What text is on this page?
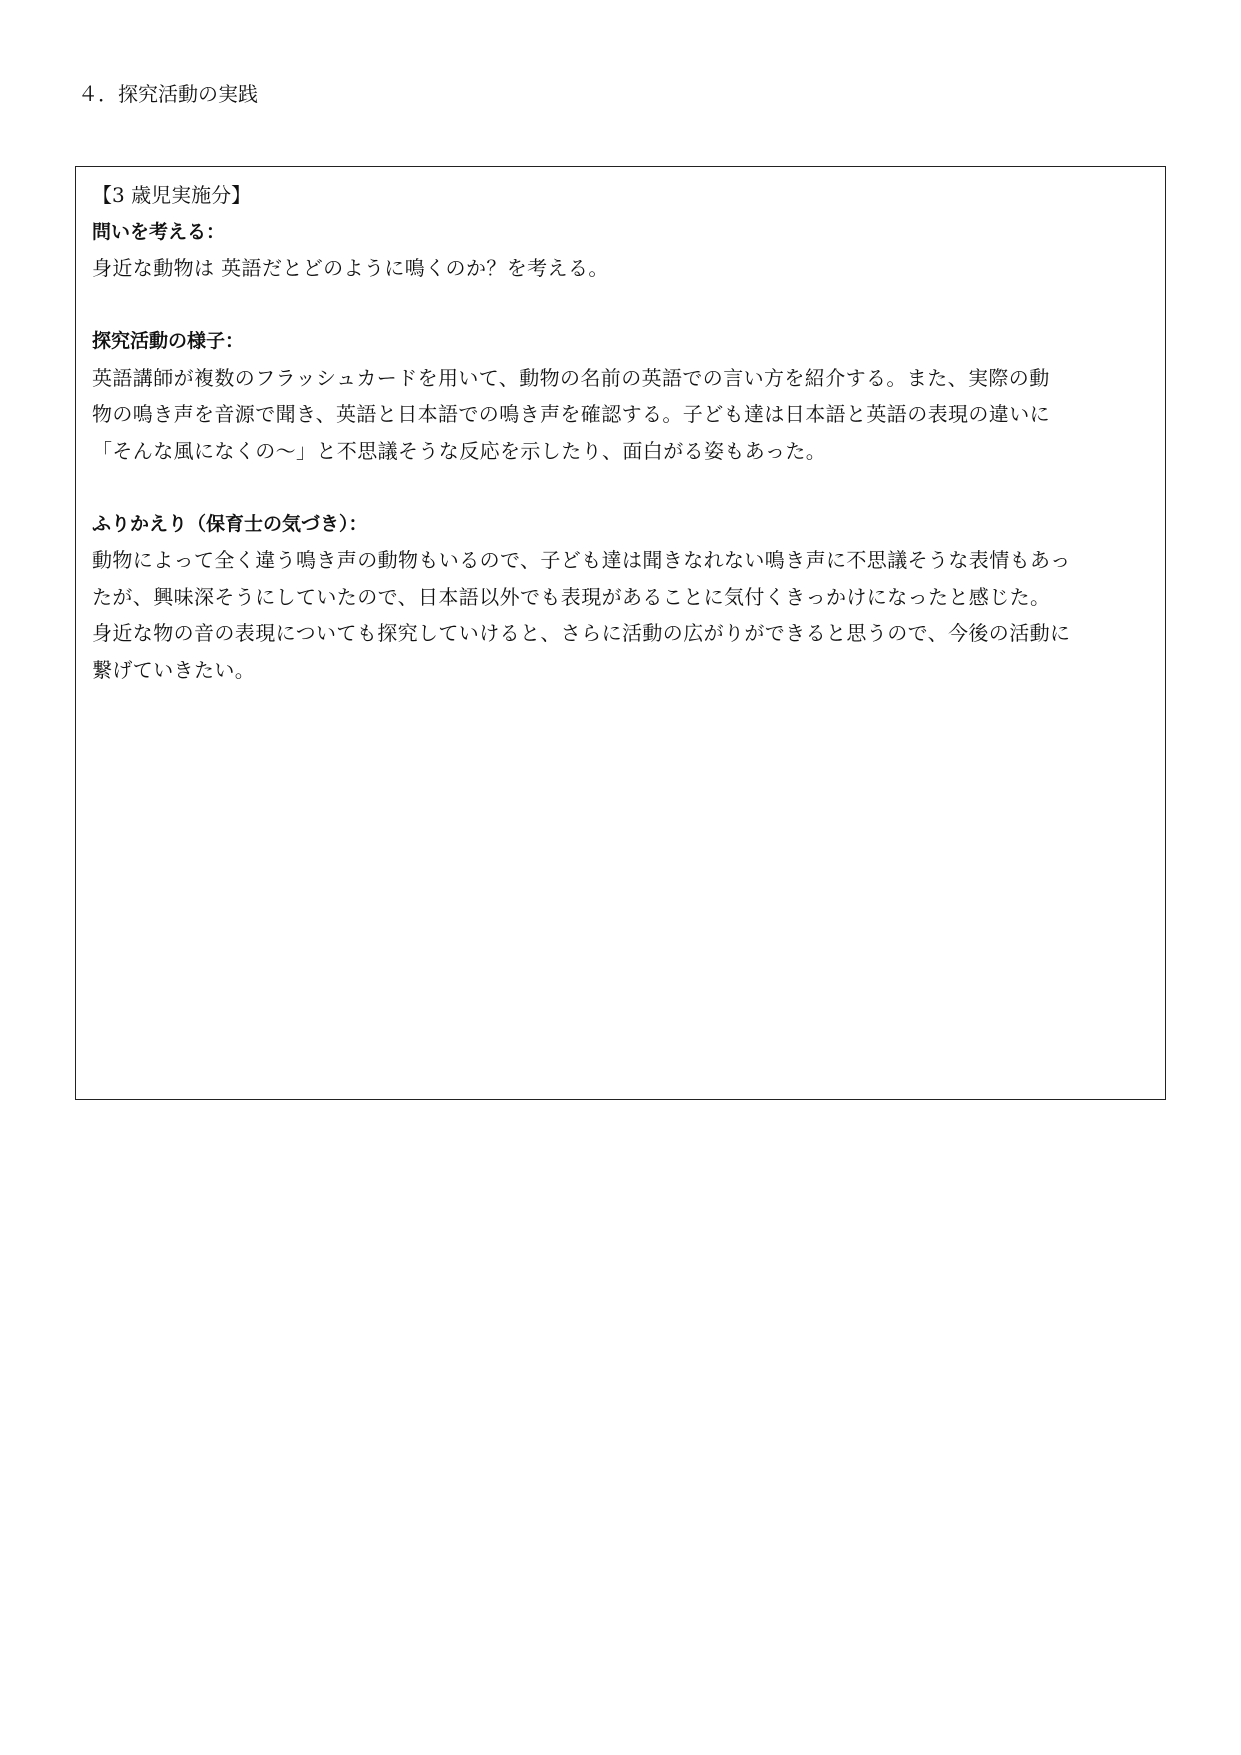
４．探究活動の実践
【3 歳児実施分】
問いを考える：
身近な動物は 英語だとどのように鳴くのか？を考える。
探究活動の様子：
英語講師が複数のフラッシュカードを用いて、動物の名前の英語での言い方を紹介する。また、実際の動
物の鳴き声を音源で聞き、英語と日本語での鳴き声を確認する。子ども達は日本語と英語の表現の違いに
「そんな風になくの～」と不思議そうな反応を示したり、面白がる姿もあった。
ふりかえり（保育士の気づき）：
動物によって全く違う鳴き声の動物もいるので、子ども達は聞きなれない鳴き声に不思議そうな表情もあっ
たが、興味深そうにしていたので、日本語以外でも表現があることに気付くきっかけになったと感じた。
身近な物の音の表現についても探究していけると、さらに活動の広がりができると思うので、今後の活動に
繋げていきたい。
